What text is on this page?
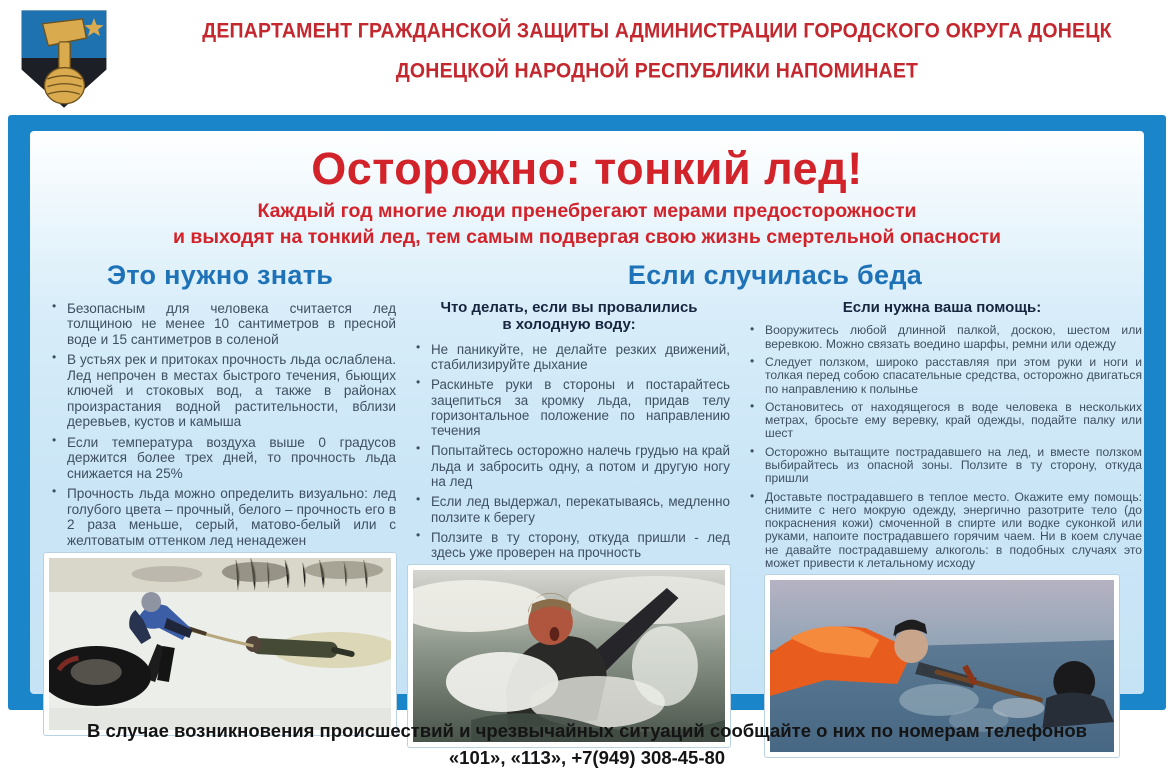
ДЕПАРТАМЕНТ ГРАЖДАНСКОЙ ЗАЩИТЫ АДМИНИСТРАЦИИ ГОРОДСКОГО ОКРУГА ДОНЕЦК
ДОНЕЦКОЙ НАРОДНОЙ РЕСПУБЛИКИ НАПОМИНАЕТ
Осторожно: тонкий лед!
Каждый год многие люди пренебрегают мерами предосторожности
и выходят на тонкий лед, тем самым подвергая свою жизнь смертельной опасности
Это нужно знать	Если случилась беда
• Безопасным для человека считается лед толщиною не менее 10 сантиметров в пресной воде и 15 сантиметров в соленой
• В устьях рек и притоках прочность льда ослаблена. Лед непрочен в местах быстрого течения, бьющих ключей и стоковых вод, а также в районах произрастания водной растительности, вблизи деревьев, кустов и камыша
• Если температура воздуха выше 0 градусов держится более трех дней, то прочность льда снижается на 25%
• Прочность льда можно определить визуально: лед голубого цвета – прочный, белого – прочность его в 2 раза меньше, серый, матово-белый или с желтоватым оттенком лед ненадежен
Что делать, если вы провалились
в холодную воду:
• Не паникуйте, не делайте резких движений, стабилизируйте дыхание
• Раскиньте руки в стороны и постарайтесь зацепиться за кромку льда, придав телу горизонтальное положение по направлению течения
• Попытайтесь осторожно налечь грудью на край льда и забросить одну, а потом и другую ногу на лед
• Если лед выдержал, перекатываясь, медленно ползите к берегу
• Ползите в ту сторону, откуда пришли - лед здесь уже проверен на прочность
Если нужна ваша помощь:
• Вооружитесь любой длинной палкой, доскою, шестом или веревкою. Можно связать воедино шарфы, ремни или одежду
• Следует ползком, широко расставляя при этом руки и ноги и толкая перед собою спасательные средства, осторожно двигаться по направлению к полынье
• Остановитесь от находящегося в воде человека в нескольких метрах, бросьте ему веревку, край одежды, подайте палку или шест
• Осторожно вытащите пострадавшего на лед, и вместе ползком выбирайтесь из опасной зоны. Ползите в ту сторону, откуда пришли
• Доставьте пострадавшего в теплое место. Окажите ему помощь: снимите с него мокрую одежду, энергично разотрите тело (до покраснения кожи) смоченной в спирте или водке суконкой или руками, напоите пострадавшего горячим чаем. Ни в коем случае не давайте пострадавшему алкоголь: в подобных случаях это может привести к летальному исходу
В случае возникновения происшествий и чрезвычайных ситуаций сообщайте о них по номерам телефонов
«101», «113», +7(949) 308-45-80
